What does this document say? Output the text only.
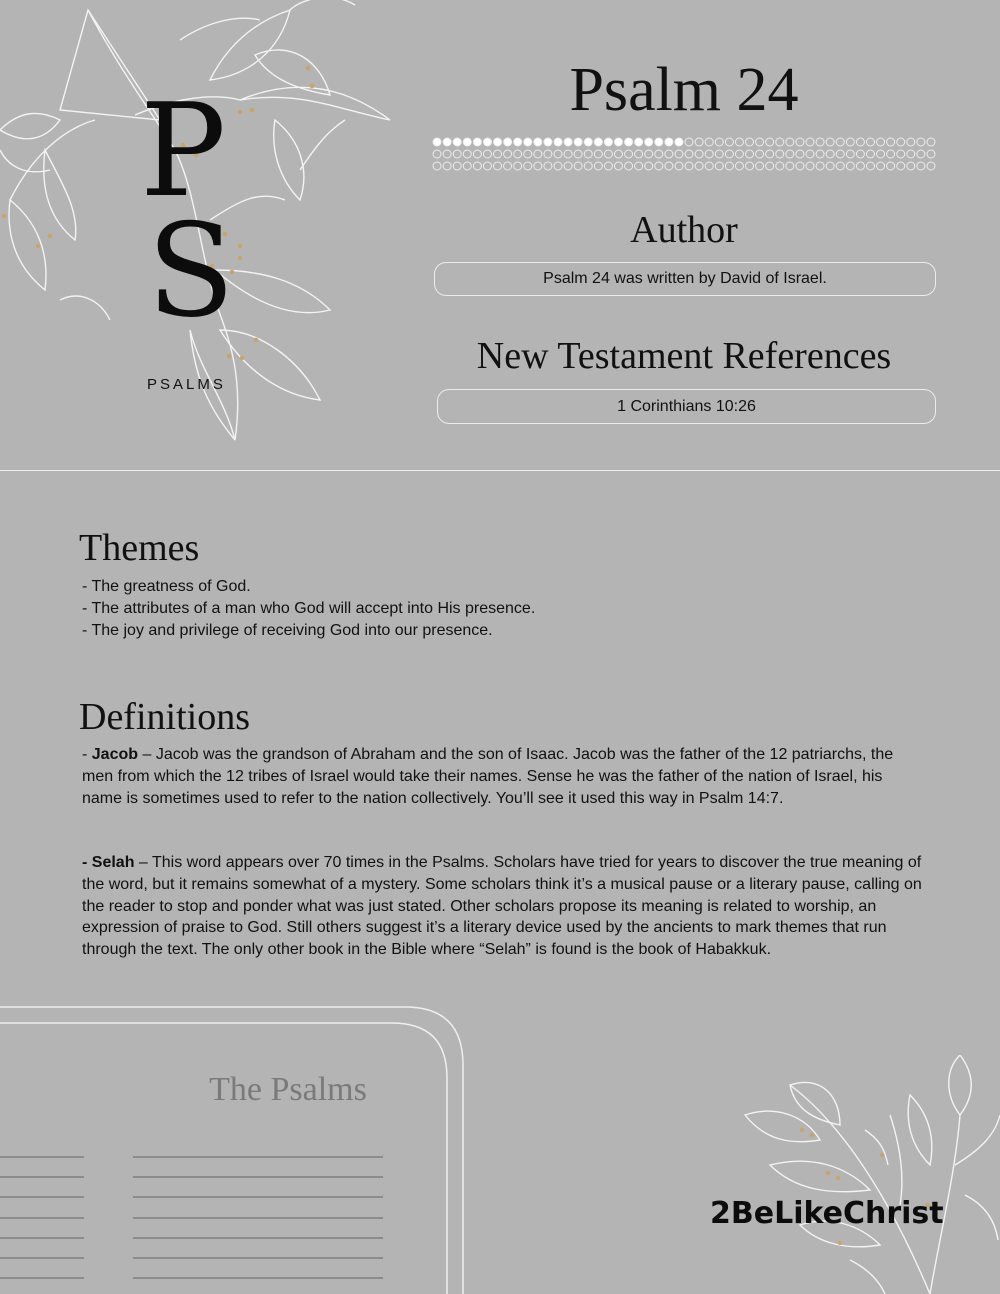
P
S
PSALMS
Psalm 24
Author
Psalm 24 was written by David of Israel.
New Testament References
1 Corinthians 10:26
Themes
- The greatness of God.
- The attributes of a man who God will accept into His presence.
- The joy and privilege of receiving God into our presence.
Definitions

- Jacob – Jacob was the grandson of Abraham and the son of Isaac. Jacob was the father of the 12 patriarchs, the men from which the 12 tribes of Israel would take their names. Sense he was the father of the nation of Israel, his name is sometimes used to refer to the nation collectively. You’ll see it used this way in Psalm 14:7.

- Selah – This word appears over 70 times in the Psalms. Scholars have tried for years to discover the true meaning of the word, but it remains somewhat of a mystery. Some scholars think it’s a musical pause or a literary pause, calling on the reader to stop and ponder what was just stated. Other scholars propose its meaning is related to worship, an expression of praise to God. Still others suggest it’s a literary device used by the ancients to mark themes that run through the text. The only other book in the Bible where “Selah” is found is the book of Habakkuk.

The Psalms
2BeLikeChrist
